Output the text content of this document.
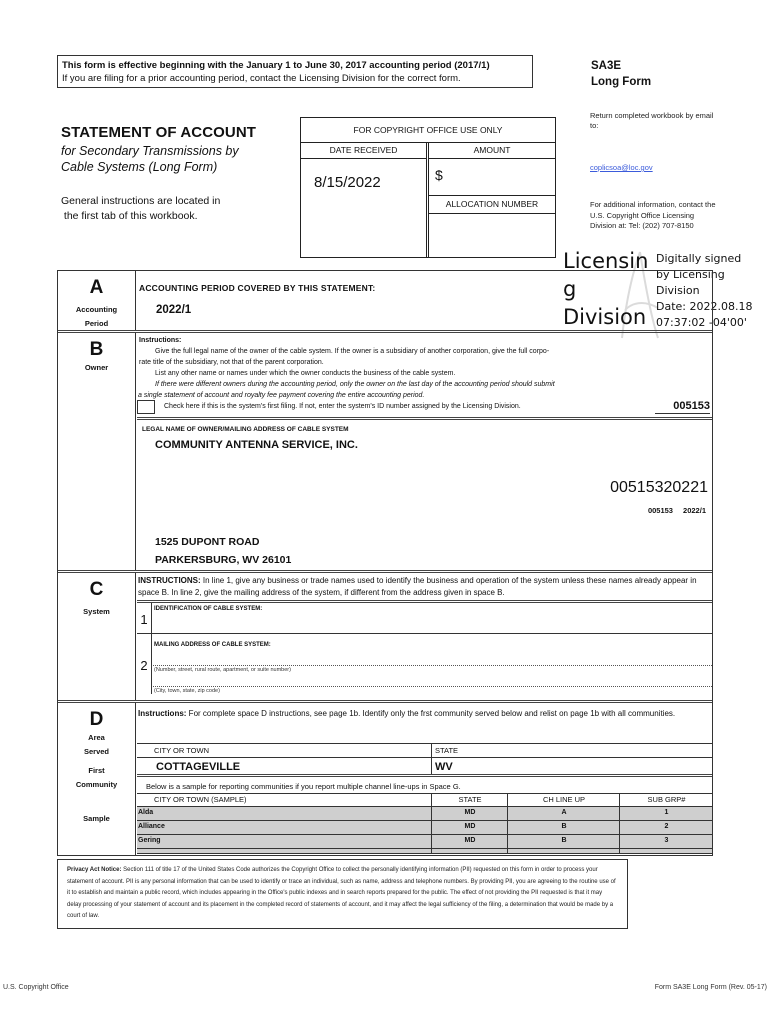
This form is effective beginning with the January 1 to June 30, 2017 accounting period (2017/1)
If you are filing for a prior accounting period, contact the Licensing Division for the correct form.
SA3E
Long Form
STATEMENT OF ACCOUNT
for Secondary Transmissions by
Cable Systems (Long Form)
General instructions are located in
the first tab of this workbook.
FOR COPYRIGHT OFFICE USE ONLY
DATE RECEIVED
8/15/2022
AMOUNT
$
ALLOCATION NUMBER
Return completed workbook by email to:
coplicsoa@loc.gov
For additional information, contact the U.S. Copyright Office Licensing Division at: Tel: (202) 707-8150
Licensin
g
Division
Digitally signed
by Licensing
Division
Date: 2022.08.18
07:37:02 -04'00'
A
Accounting
Period
ACCOUNTING PERIOD COVERED BY THIS STATEMENT:
2022/1
B
Owner
Instructions:
Give the full legal name of the owner of the cable system. If the owner is a subsidiary of another corporation, give the full corpo-
rate title of the subsidiary, not that of the parent corporation.
List any other name or names under which the owner conducts the business of the cable system.
If there were different owners during the accounting period, only the owner on the last day of the accounting period should submit
a single statement of account and royalty fee payment covering the entire accounting period.
Check here if this is the system's first filing. If not, enter the system's ID number assigned by the Licensing Division.	005153
LEGAL NAME OF OWNER/MAILING ADDRESS OF CABLE SYSTEM
COMMUNITY ANTENNA SERVICE, INC.
00515320221
005153 2022/1
1525 DUPONT ROAD
PARKERSBURG, WV 26101
C
System
INSTRUCTIONS: In line 1, give any business or trade names used to identify the business and operation of the system unless these names already appear in space B. In line 2, give the mailing address of the system, if different from the address given in space B.
1
IDENTIFICATION OF CABLE SYSTEM:
2
MAILING ADDRESS OF CABLE SYSTEM:
(Number, street, rural route, apartment, or suite number)
(City, town, state, zip code)
D
Area
Served
First
Community
Sample
Instructions: For complete space D instructions, see page 1b. Identify only the frst community served below and relist on page 1b with all communities.
CITY OR TOWN	STATE
COTTAGEVILLE	WV
Below is a sample for reporting communities if you report multiple channel line-ups in Space G.
CITY OR TOWN (SAMPLE)	STATE	CH LINE UP	SUB GRP#
Alda	MD	A	1
Alliance	MD	B	2
Gering	MD	B	3
Privacy Act Notice: Section 111 of title 17 of the United States Code authorizes the Copyright Office to collect the personally identifying information (PII) requested on this form in order to process your statement of account. PII is any personal information that can be used to identify or trace an individual, such as name, address and telephone numbers. By providing PII, you are agreeing to the routine use of it to establish and maintain a public record, which includes appearing in the Office's public indexes and in search reports prepared for the public. The effect of not providing the PII requested is that it may delay processing of your statement of account and its placement in the completed record of statements of account, and it may affect the legal sufficiency of the filing, a determination that would be made by a court of law.
U.S. Copyright Office	Form SA3E Long Form (Rev. 05-17)
